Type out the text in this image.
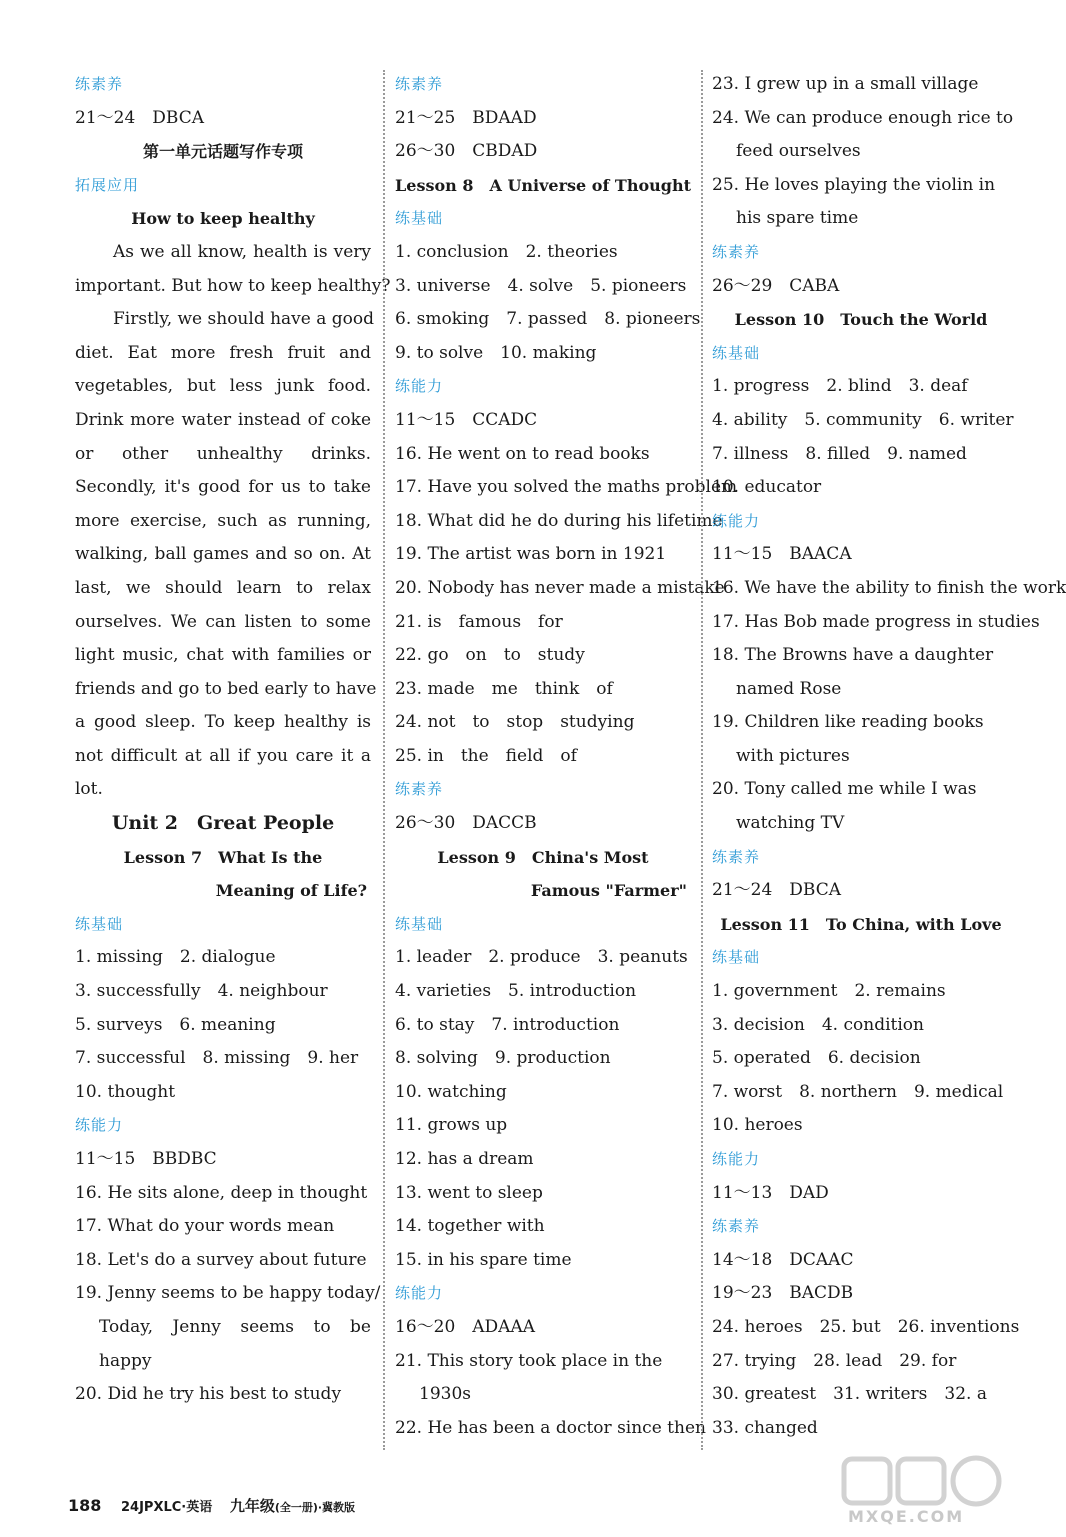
练素养
21～24　DBCA
第一单元话题写作专项
拓展应用
How to keep healthy
As we all know, health is very
important. But how to keep healthy?
Firstly, we should have a good
diet. Eat more fresh fruit and
vegetables, but less junk food.
Drink more water instead of coke
or other unhealthy drinks.
Secondly, it's good for us to take
more exercise, such as running,
walking, ball games and so on. At
last, we should learn to relax
ourselves. We can listen to some
light music, chat with families or
friends and go to bed early to have
a good sleep. To keep healthy is
not difficult at all if you care it a
lot.
Unit 2　Great People
Lesson 7　What Is the
Meaning of Life?
练基础
1. missing　2. dialogue
3. successfully　4. neighbour
5. surveys　6. meaning
7. successful　8. missing　9. her
10. thought
练能力
11～15　BBDBC
16. He sits alone, deep in thought
17. What do your words mean
18. Let's do a survey about future
19. Jenny seems to be happy today/
Today, Jenny seems to be
happy
20. Did he try his best to study
练素养
21～25　BDAAD
26～30　CBDAD
Lesson 8　A Universe of Thought
练基础
1. conclusion　2. theories
3. universe　4. solve　5. pioneers
6. smoking　7. passed　8. pioneers
9. to solve　10. making
练能力
11～15　CCADC
16. He went on to read books
17. Have you solved the maths problem
18. What did he do during his lifetime
19. The artist was born in 1921
20. Nobody has never made a mistake
21. is　famous　for
22. go　on　to　study
23. made　me　think　of
24. not　to　stop　studying
25. in　the　field　of
练素养
26～30　DACCB
Lesson 9　China's Most
Famous "Farmer"
练基础
1. leader　2. produce　3. peanuts
4. varieties　5. introduction
6. to stay　7. introduction
8. solving　9. production
10. watching
11. grows up
12. has a dream
13. went to sleep
14. together with
15. in his spare time
练能力
16～20　ADAAA
21. This story took place in the
1930s
22. He has been a doctor since then
23. I grew up in a small village
24. We can produce enough rice to
feed ourselves
25. He loves playing the violin in
his spare time
练素养
26～29　CABA
Lesson 10　Touch the World
练基础
1. progress　2. blind　3. deaf
4. ability　5. community　6. writer
7. illness　8. filled　9. named
10. educator
练能力
11～15　BAACA
16. We have the ability to finish the work
17. Has Bob made progress in studies
18. The Browns have a daughter
named Rose
19. Children like reading books
with pictures
20. Tony called me while I was
watching TV
练素养
21～24　DBCA
Lesson 11　To China, with Love
练基础
1. government　2. remains
3. decision　4. condition
5. operated　6. decision
7. worst　8. northern　9. medical
10. heroes
练能力
11～13　DAD
练素养
14～18　DCAAC
19～23　BACDB
24. heroes　25. but　26. inventions
27. trying　28. lead　29. for
30. greatest　31. writers　32. a
33. changed
188 24JPXLC·英语 九年级(全一册)·冀教版	MXQE.COM
